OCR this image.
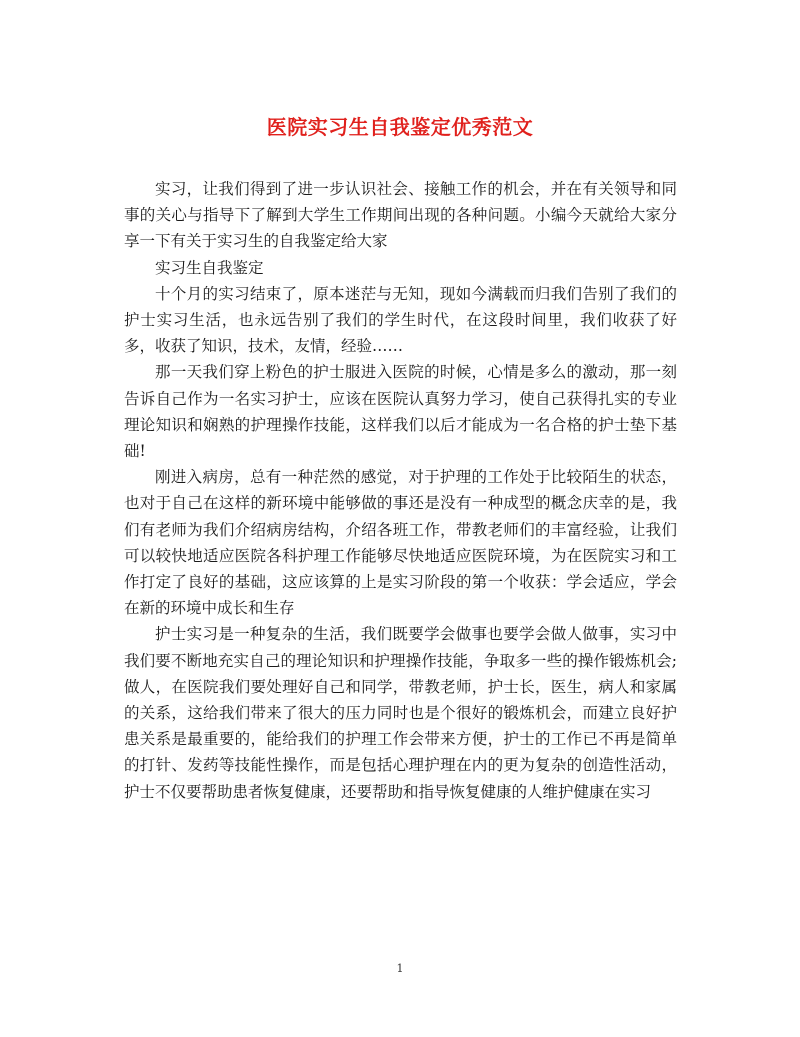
医院实习生自我鉴定优秀范文

实习，让我们得到了进一步认识社会、接触工作的机会，并在有关领导和同事的关心与指导下了解到大学生工作期间出现的各种问题。小编今天就给大家分享一下有关于实习生的自我鉴定给大家

实习生自我鉴定

十个月的实习结束了，原本迷茫与无知，现如今满载而归我们告别了我们的护士实习生活，也永远告别了我们的学生时代，在这段时间里，我们收获了好多，收获了知识，技术，友情，经验……

那一天我们穿上粉色的护士服进入医院的时候，心情是多么的激动，那一刻告诉自己作为一名实习护士，应该在医院认真努力学习，使自己获得扎实的专业理论知识和娴熟的护理操作技能，这样我们以后才能成为一名合格的护士垫下基础!

刚进入病房，总有一种茫然的感觉，对于护理的工作处于比较陌生的状态，也对于自己在这样的新环境中能够做的事还是没有一种成型的概念庆幸的是，我们有老师为我们介绍病房结构，介绍各班工作，带教老师们的丰富经验，让我们可以较快地适应医院各科护理工作能够尽快地适应医院环境，为在医院实习和工作打定了良好的基础，这应该算的上是实习阶段的第一个收获：学会适应，学会在新的环境中成长和生存

护士实习是一种复杂的生活，我们既要学会做事也要学会做人做事，实习中我们要不断地充实自己的理论知识和护理操作技能，争取多一些的操作锻炼机会;做人，在医院我们要处理好自己和同学，带教老师，护士长，医生，病人和家属的关系，这给我们带来了很大的压力同时也是个很好的锻炼机会，而建立良好护患关系是最重要的，能给我们的护理工作会带来方便，护士的工作已不再是简单的打针、发药等技能性操作，而是包括心理护理在内的更为复杂的创造性活动，护士不仅要帮助患者恢复健康，还要帮助和指导恢复健康的人维护健康在实习

1
